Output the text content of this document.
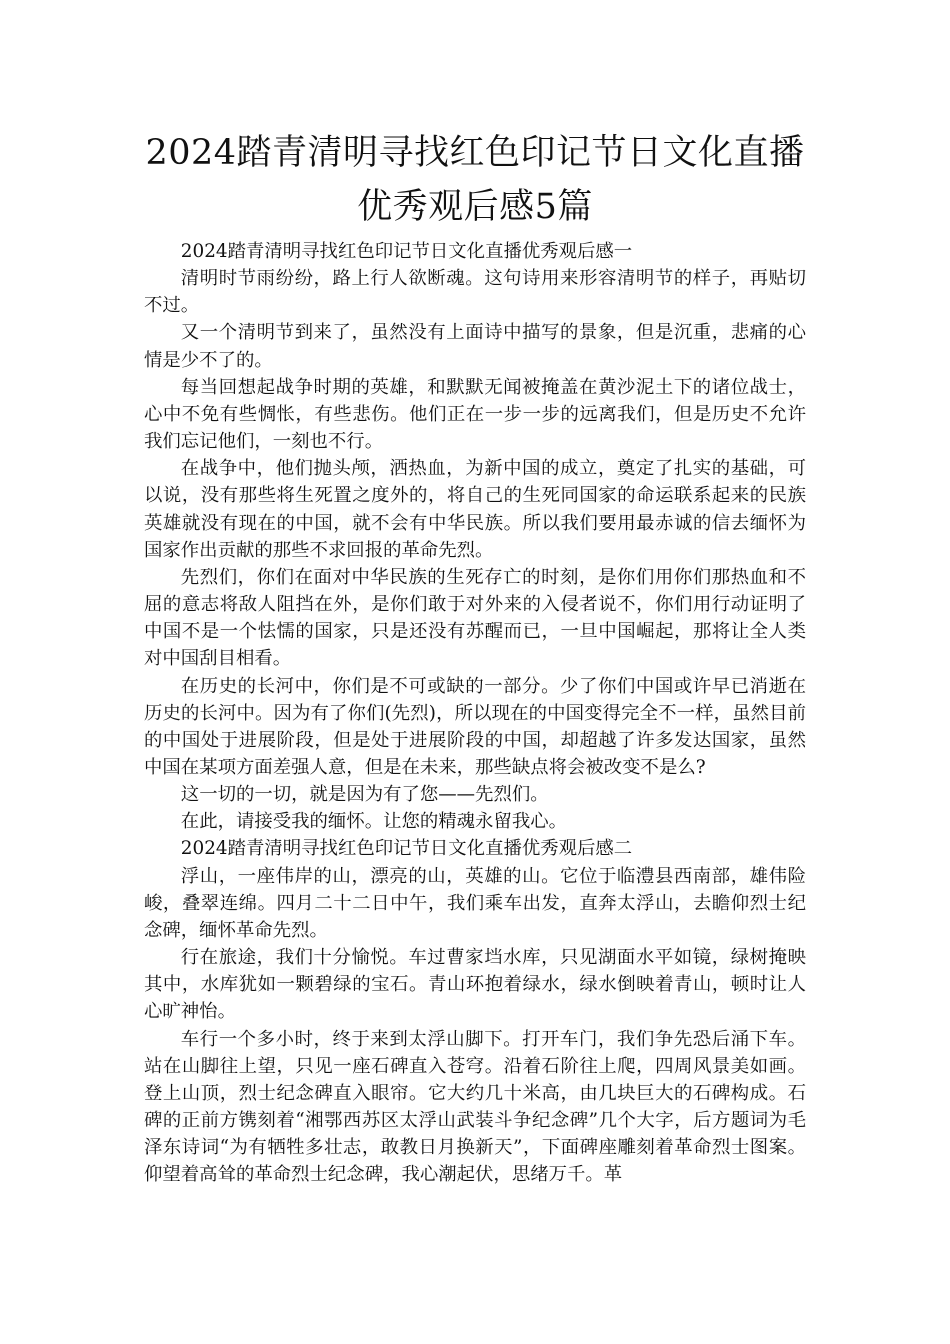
2024踏青清明寻找红色印记节日文化直播
优秀观后感5篇

2024踏青清明寻找红色印记节日文化直播优秀观后感一

清明时节雨纷纷，路上行人欲断魂。这句诗用来形容清明节的样子，再贴切不过。

又一个清明节到来了，虽然没有上面诗中描写的景象，但是沉重，悲痛的心情是少不了的。

每当回想起战争时期的英雄，和默默无闻被掩盖在黄沙泥土下的诸位战士，心中不免有些惆怅，有些悲伤。他们正在一步一步的远离我们，但是历史不允许我们忘记他们，一刻也不行。

在战争中，他们抛头颅，洒热血，为新中国的成立，奠定了扎实的基础，可以说，没有那些将生死置之度外的，将自己的生死同国家的命运联系起来的民族英雄就没有现在的中国，就不会有中华民族。所以我们要用最赤诚的信去缅怀为国家作出贡献的那些不求回报的革命先烈。

先烈们，你们在面对中华民族的生死存亡的时刻，是你们用你们那热血和不屈的意志将敌人阻挡在外，是你们敢于对外来的入侵者说不，你们用行动证明了中国不是一个怯懦的国家，只是还没有苏醒而已，一旦中国崛起，那将让全人类对中国刮目相看。

在历史的长河中，你们是不可或缺的一部分。少了你们中国或许早已消逝在历史的长河中。因为有了你们(先烈)，所以现在的中国变得完全不一样，虽然目前的中国处于进展阶段，但是处于进展阶段的中国，却超越了许多发达国家，虽然中国在某项方面差强人意，但是在未来，那些缺点将会被改变不是么?

这一切的一切，就是因为有了您——先烈们。

在此，请接受我的缅怀。让您的精魂永留我心。

2024踏青清明寻找红色印记节日文化直播优秀观后感二

浮山，一座伟岸的山，漂亮的山，英雄的山。它位于临澧县西南部，雄伟险峻，叠翠连绵。四月二十二日中午，我们乘车出发，直奔太浮山，去瞻仰烈士纪念碑，缅怀革命先烈。

行在旅途，我们十分愉悦。车过曹家垱水库，只见湖面水平如镜，绿树掩映其中，水库犹如一颗碧绿的宝石。青山环抱着绿水，绿水倒映着青山，顿时让人心旷神怡。

车行一个多小时，终于来到太浮山脚下。打开车门，我们争先恐后涌下车。站在山脚往上望，只见一座石碑直入苍穹。沿着石阶往上爬，四周风景美如画。登上山顶，烈士纪念碑直入眼帘。它大约几十米高，由几块巨大的石碑构成。石碑的正前方镌刻着“湘鄂西苏区太浮山武装斗争纪念碑”几个大字，后方题词为毛泽东诗词“为有牺牲多壮志，敢教日月换新天”，下面碑座雕刻着革命烈士图案。仰望着高耸的革命烈士纪念碑，我心潮起伏，思绪万千。革
